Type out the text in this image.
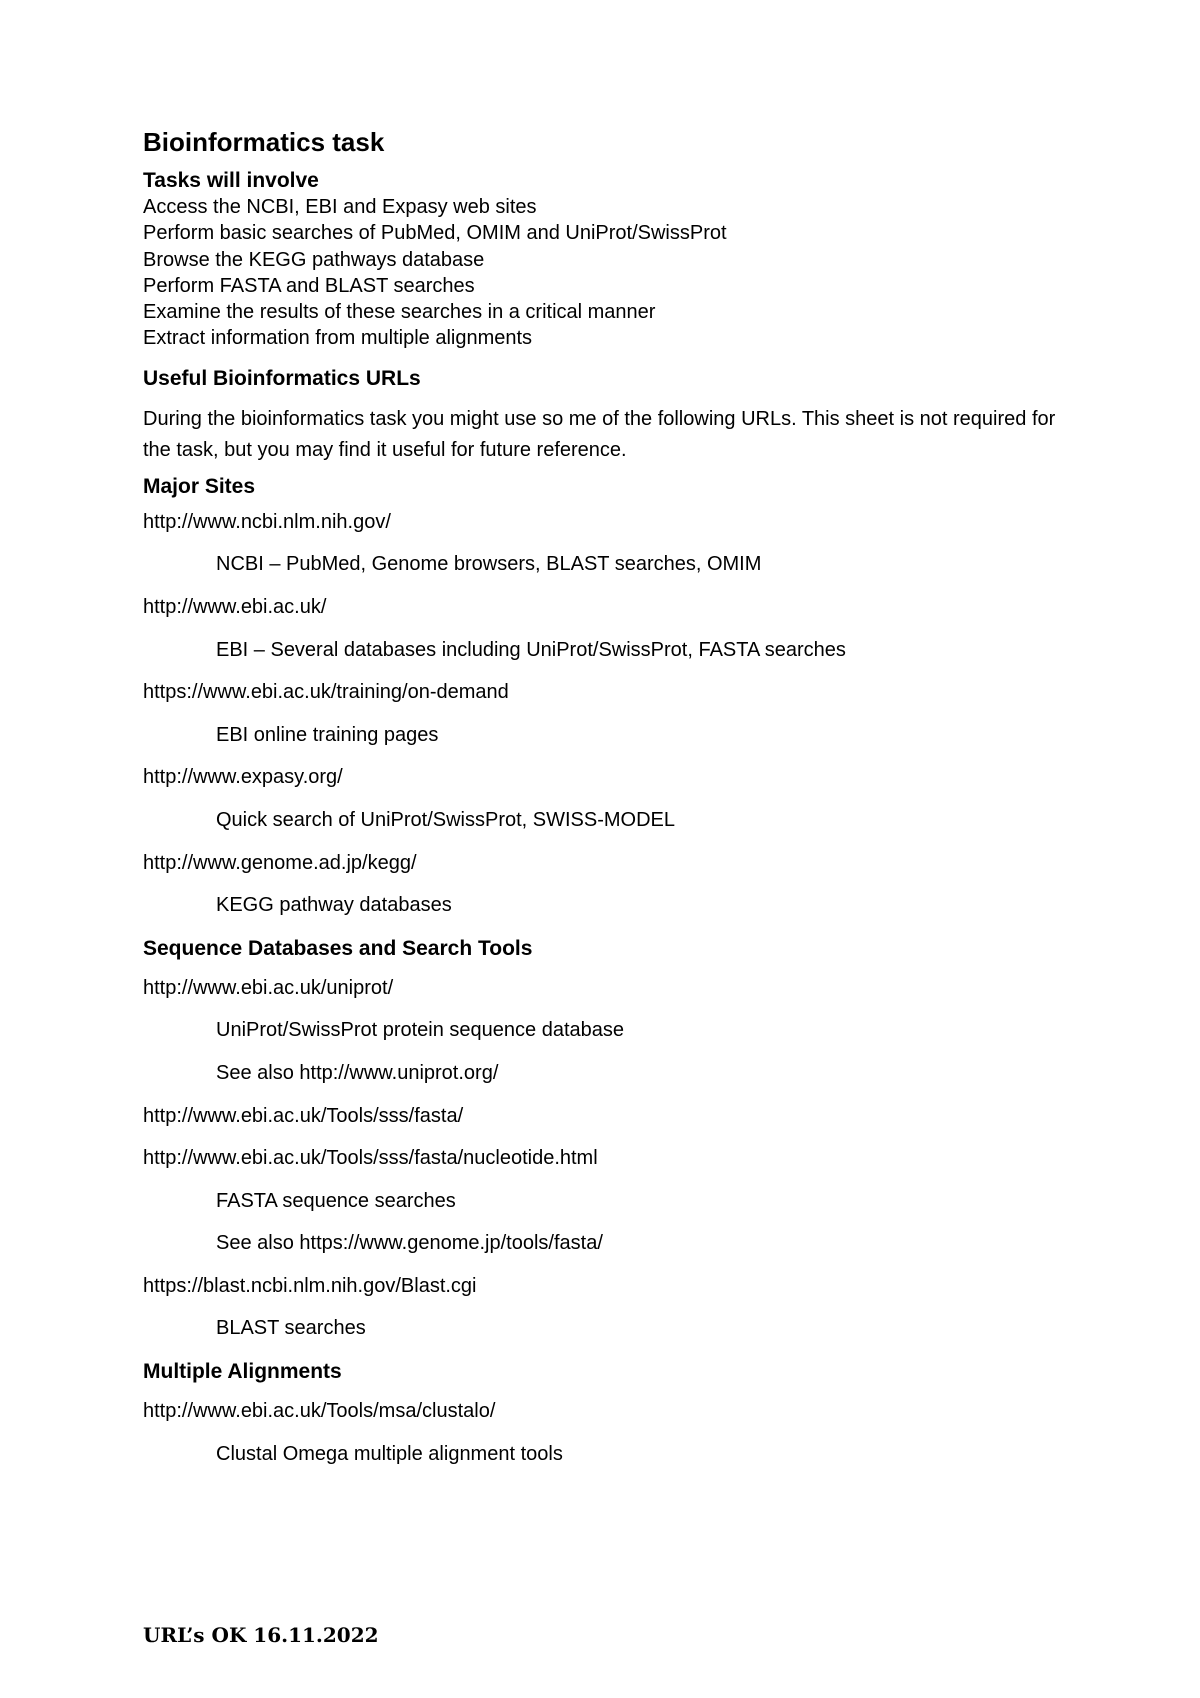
Bioinformatics task
Tasks will involve
Access the NCBI, EBI and Expasy web sites
Perform basic searches of PubMed, OMIM and UniProt/SwissProt
Browse the KEGG pathways database
Perform FASTA and BLAST searches
Examine the results of these searches in a critical manner
Extract information from multiple alignments
Useful Bioinformatics URLs

During the bioinformatics task you might use so me of the following URLs. This sheet is not required for the task, but you may find it useful for future reference.

Major Sites
http://www.ncbi.nlm.nih.gov/
NCBI – PubMed, Genome browsers, BLAST searches, OMIM
http://www.ebi.ac.uk/
EBI – Several databases including UniProt/SwissProt, FASTA searches
https://www.ebi.ac.uk/training/on-demand
EBI online training pages
http://www.expasy.org/
Quick search of UniProt/SwissProt, SWISS-MODEL
http://www.genome.ad.jp/kegg/
KEGG pathway databases
Sequence Databases and Search Tools
http://www.ebi.ac.uk/uniprot/
UniProt/SwissProt protein sequence database
See also http://www.uniprot.org/
http://www.ebi.ac.uk/Tools/sss/fasta/
http://www.ebi.ac.uk/Tools/sss/fasta/nucleotide.html
FASTA sequence searches
See also https://www.genome.jp/tools/fasta/
https://blast.ncbi.nlm.nih.gov/Blast.cgi
BLAST searches
Multiple Alignments
http://www.ebi.ac.uk/Tools/msa/clustalo/
Clustal Omega multiple alignment tools
URL’s OK 16.11.2022
